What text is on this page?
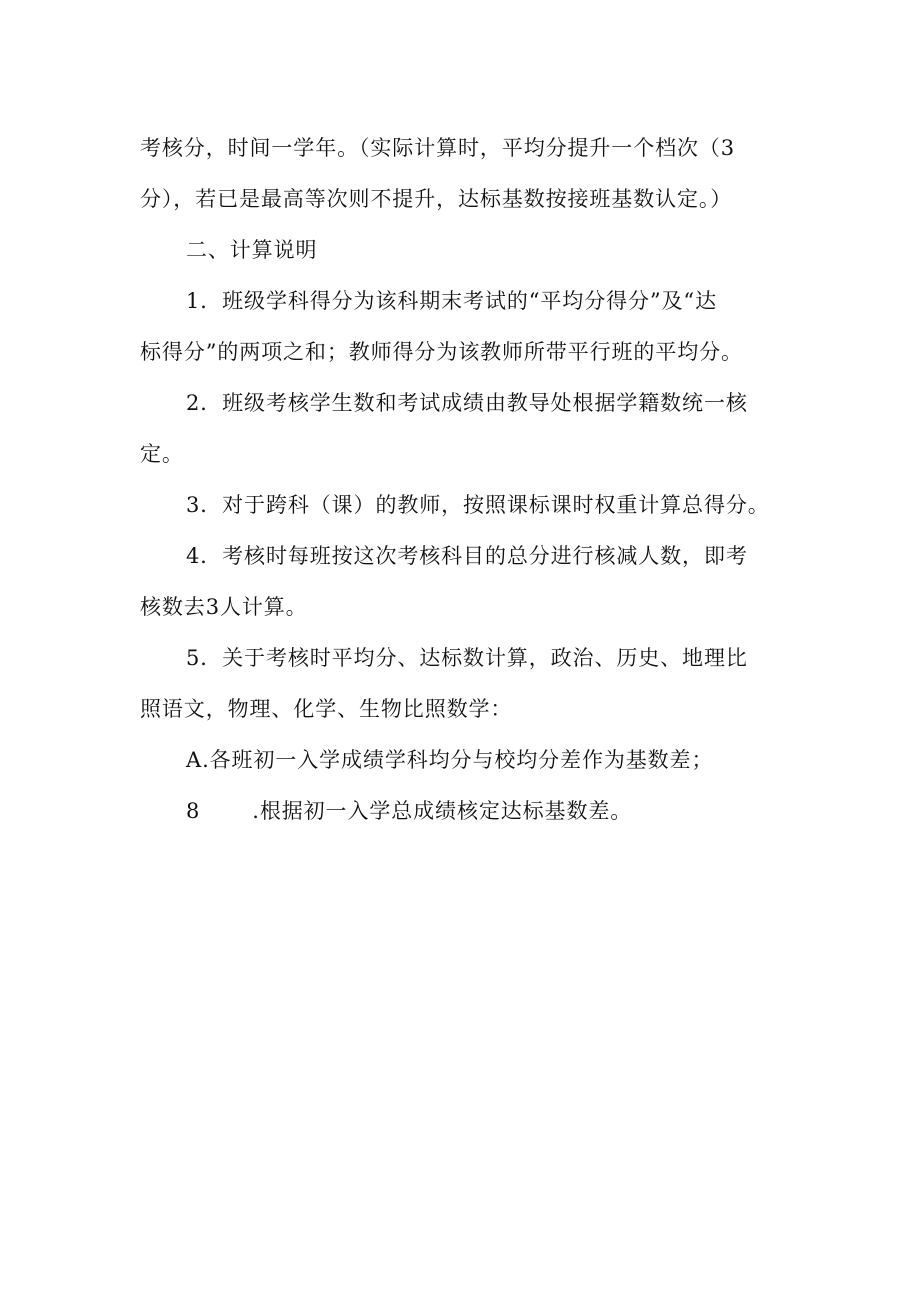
考核分，时间一学年。（实际计算时，平均分提升一个档次（3
分），若已是最高等次则不提升，达标基数按接班基数认定。）
二、计算说明
1．班级学科得分为该科期末考试的“平均分得分”及“达
标得分”的两项之和；教师得分为该教师所带平行班的平均分。
2．班级考核学生数和考试成绩由教导处根据学籍数统一核
定。
3．对于跨科（课）的教师，按照课标课时权重计算总得分。
4．考核时每班按这次考核科目的总分进行核减人数，即考
核数去3人计算。
5．关于考核时平均分、达标数计算，政治、历史、地理比
照语文，物理、化学、生物比照数学：
A.各班初一入学成绩学科均分与校均分差作为基数差；
8 .根据初一入学总成绩核定达标基数差。
